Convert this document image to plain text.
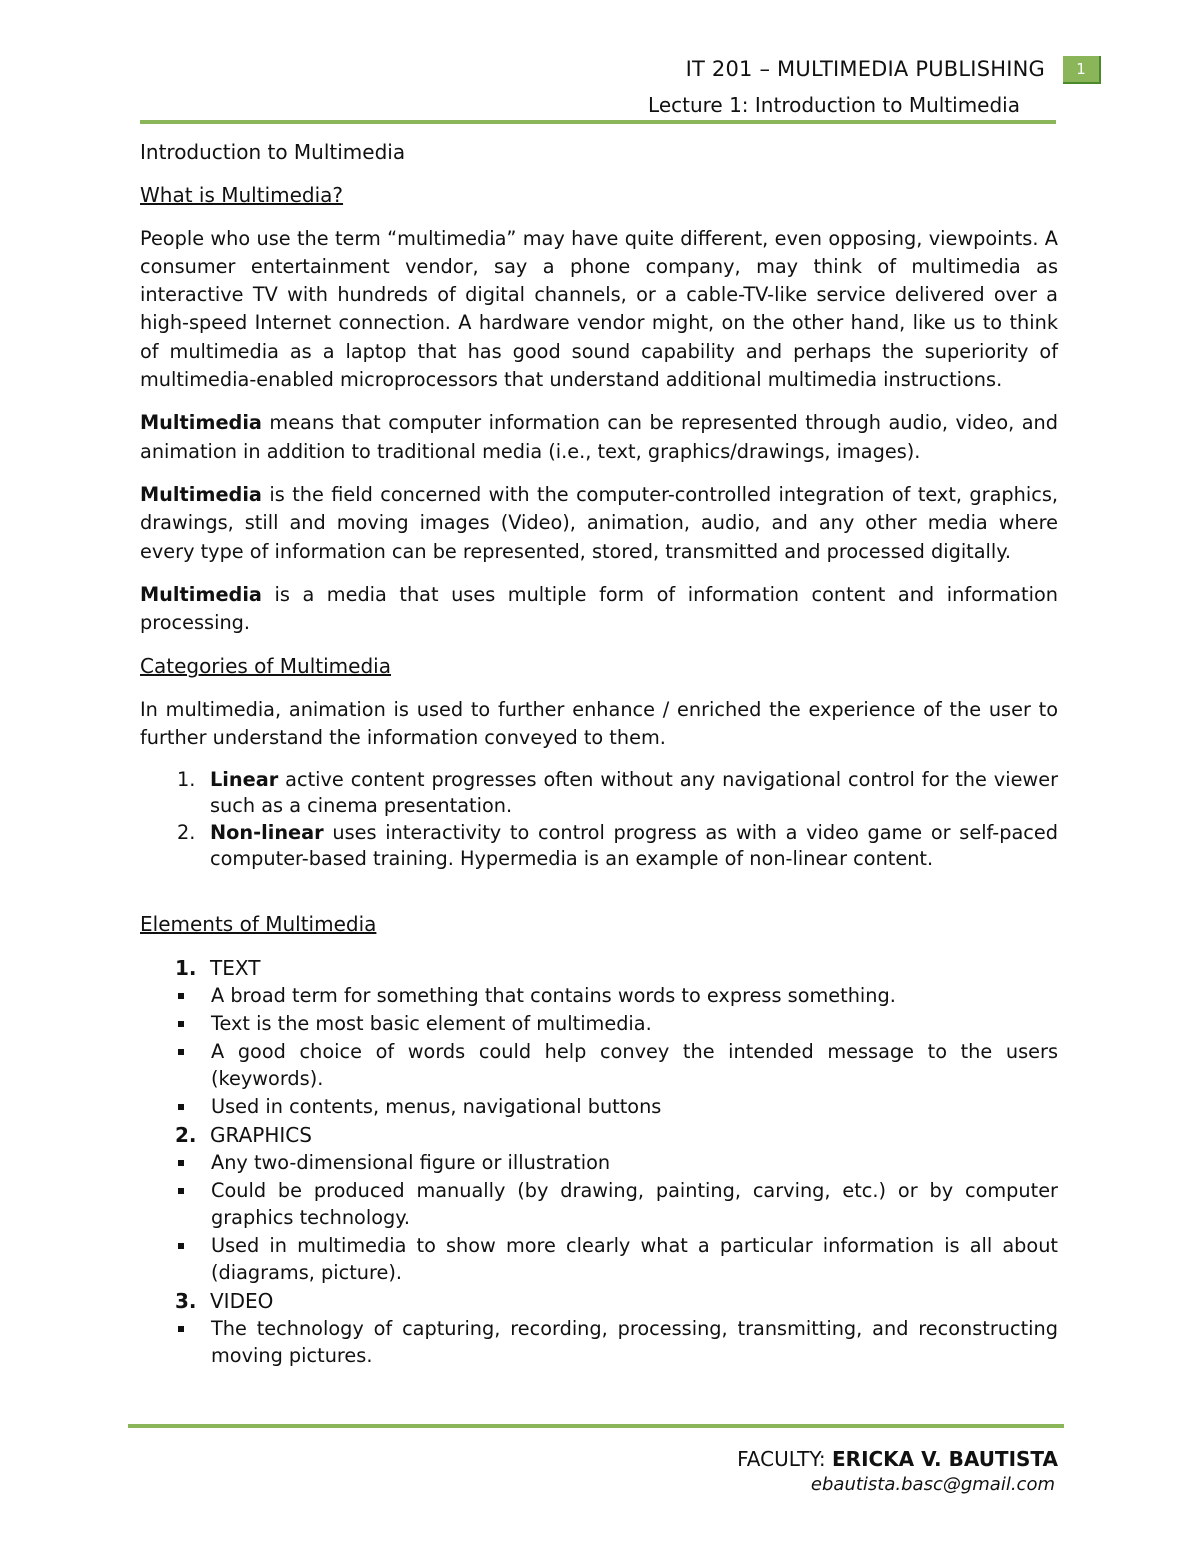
IT 201 – MULTIMEDIA PUBLISHING	1
Lecture 1: Introduction to Multimedia
Introduction to Multimedia
What is Multimedia?

People who use the term “multimedia” may have quite different, even opposing, viewpoints. A consumer entertainment vendor, say a phone company, may think of multimedia as interactive TV with hundreds of digital channels, or a cable-TV-like service delivered over a high-speed Internet connection. A hardware vendor might, on the other hand, like us to think of multimedia as a laptop that has good sound capability and perhaps the superiority of multimedia-enabled microprocessors that understand additional multimedia instructions.

Multimedia means that computer information can be represented through audio, video, and animation in addition to traditional media (i.e., text, graphics/drawings, images).

Multimedia is the field concerned with the computer-controlled integration of text, graphics, drawings, still and moving images (Video), animation, audio, and any other media where every type of information can be represented, stored, transmitted and processed digitally.

Multimedia is a media that uses multiple form of information content and information processing.

Categories of Multimedia

In multimedia, animation is used to further enhance / enriched the experience of the user to further understand the information conveyed to them.

1. Linear active content progresses often without any navigational control for the viewer such as a cinema presentation.
2. Non-linear uses interactivity to control progress as with a video game or self-paced computer-based training. Hypermedia is an example of non-linear content.
Elements of Multimedia
1. TEXT
A broad term for something that contains words to express something.
Text is the most basic element of multimedia.
A good choice of words could help convey the intended message to the users (keywords).
Used in contents, menus, navigational buttons
2. GRAPHICS
Any two-dimensional figure or illustration
Could be produced manually (by drawing, painting, carving, etc.) or by computer graphics technology.
Used in multimedia to show more clearly what a particular information is all about (diagrams, picture).
3. VIDEO
The technology of capturing, recording, processing, transmitting, and reconstructing moving pictures.
FACULTY: ERICKA V. BAUTISTA
ebautista.basc@gmail.com
